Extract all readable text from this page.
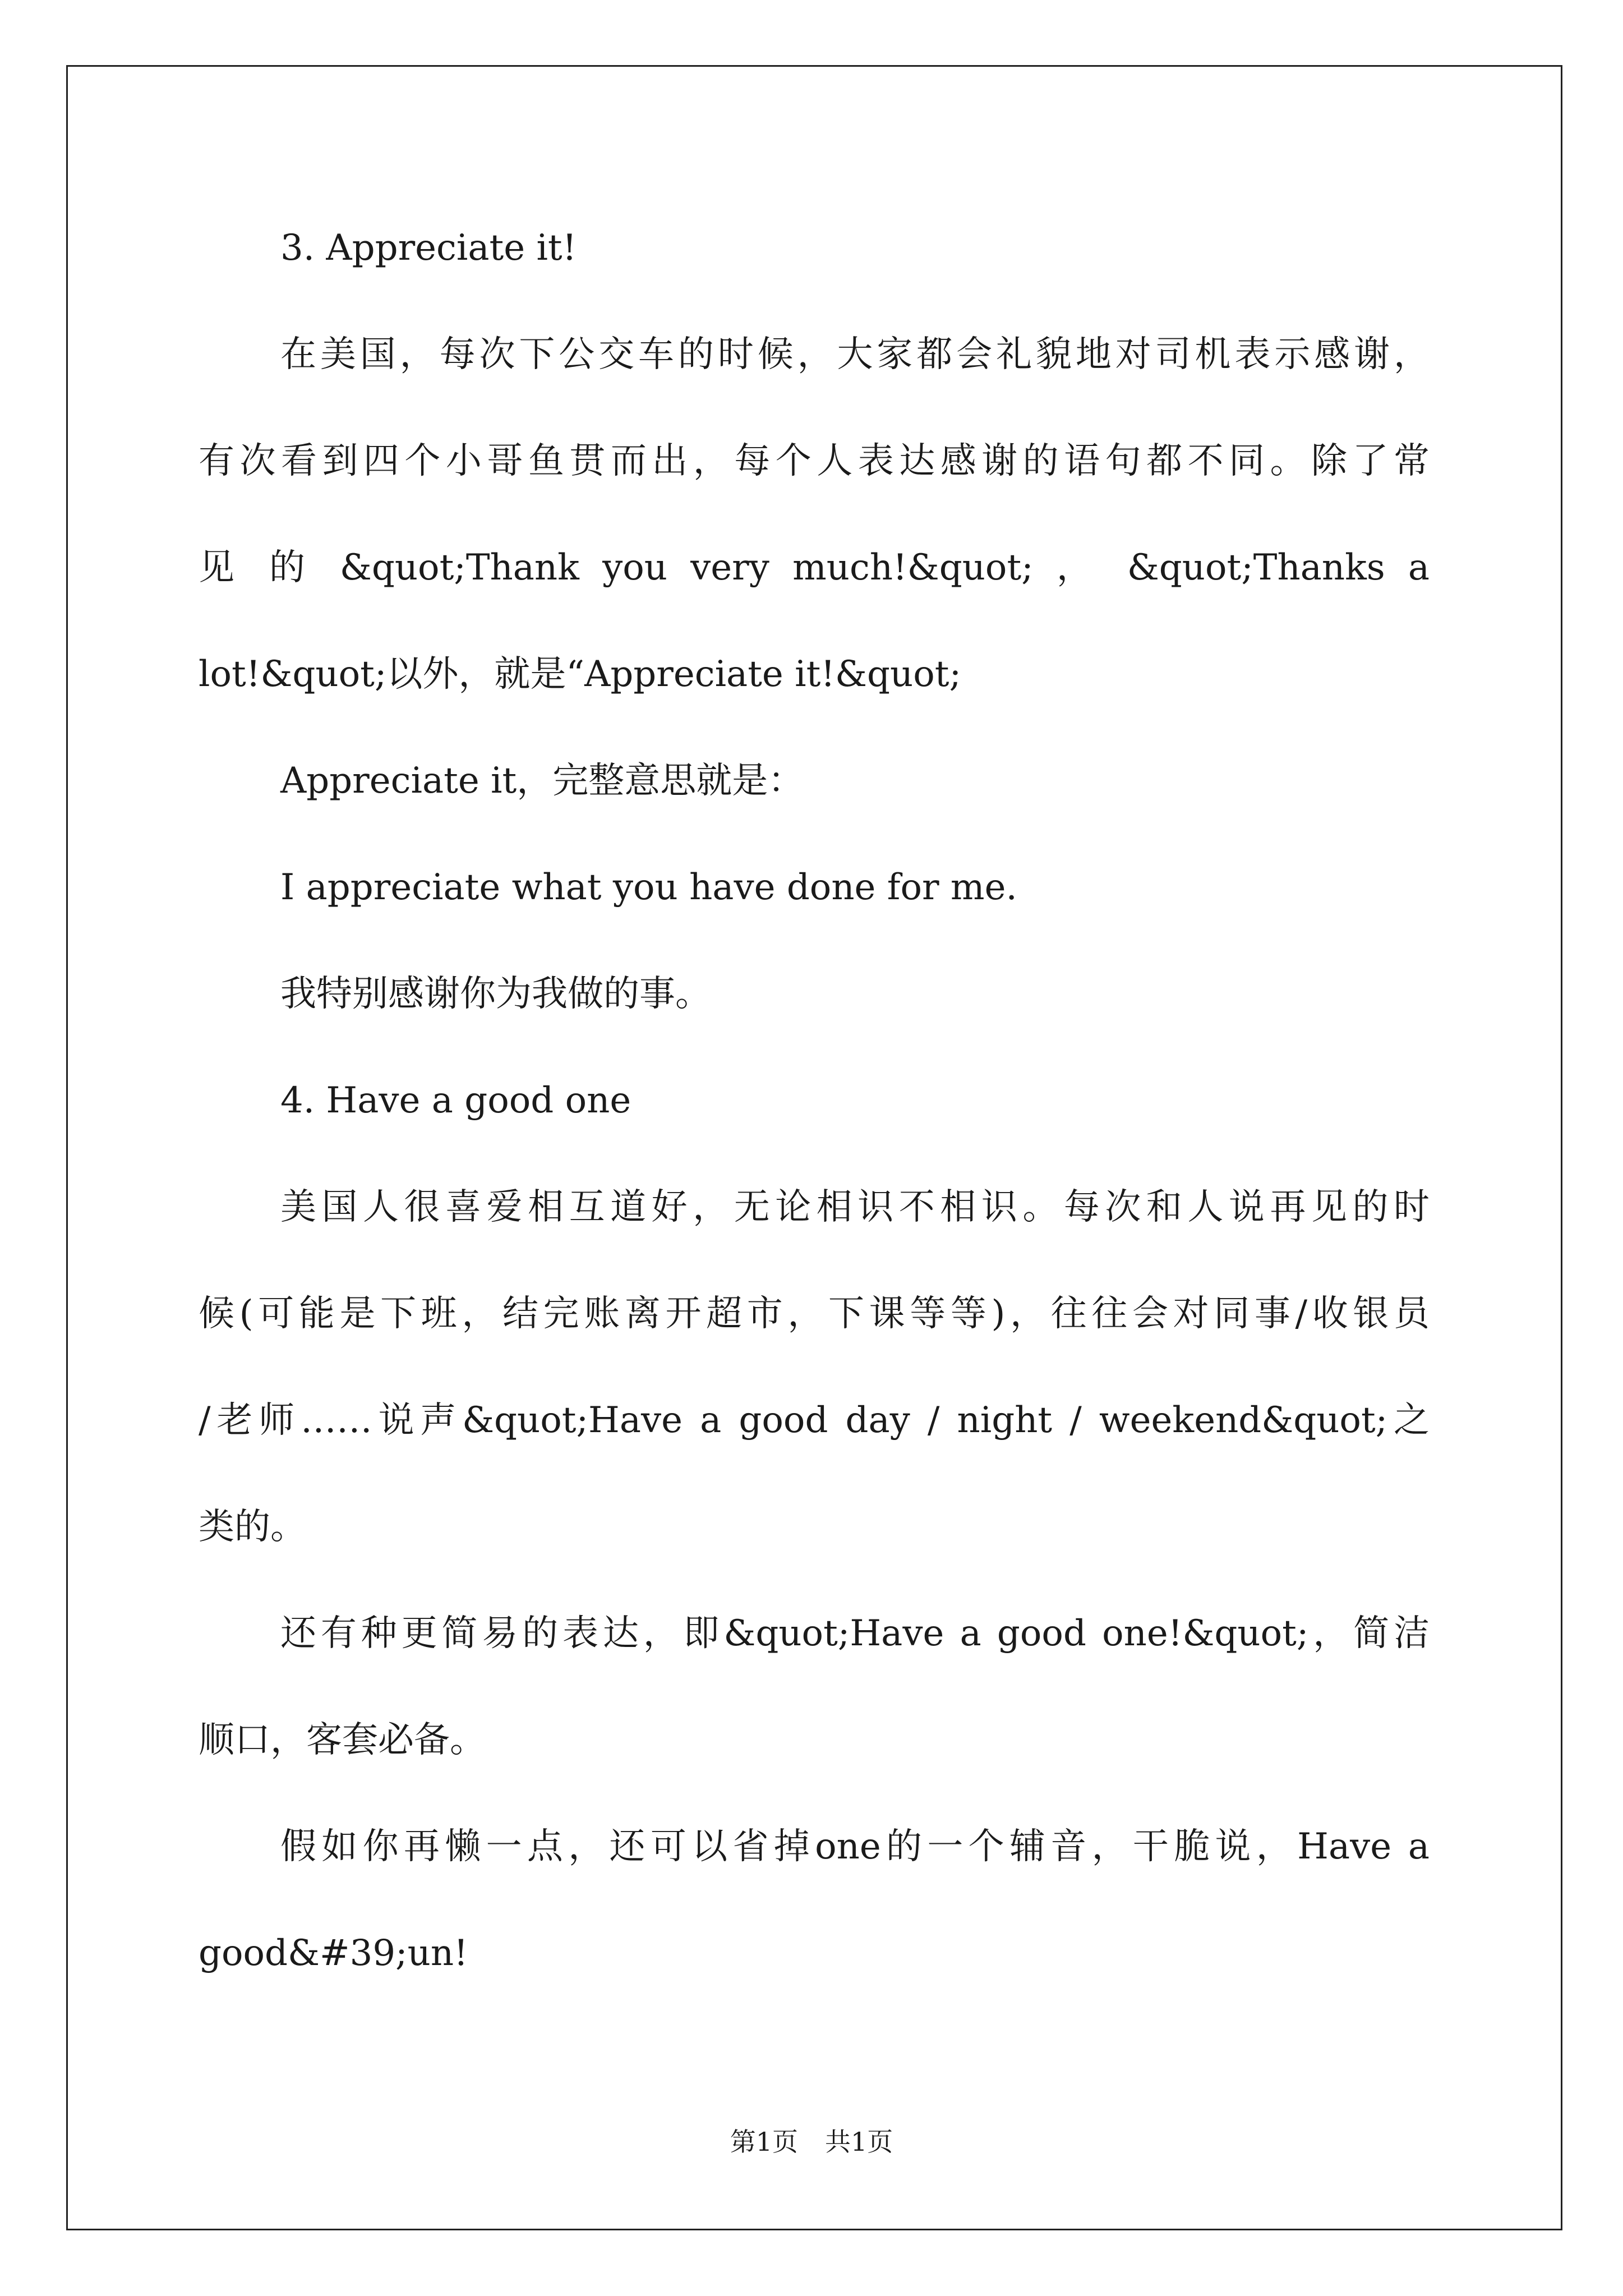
3. Appreciate it!
在美国，每次下公交车的时候，大家都会礼貌地对司机表示感谢，
有次看到四个小哥鱼贯而出，每个人表达感谢的语句都不同。除了常
见 的 &quot;Thank you very much!&quot; ， &quot;Thanks a
lot!&quot;以外，就是“Appreciate it!&quot;
Appreciate it，完整意思就是：
I appreciate what you have done for me.
我特别感谢你为我做的事。
4. Have a good one
美国人很喜爱相互道好，无论相识不相识。每次和人说再见的时
候(可能是下班，结完账离开超市，下课等等)，往往会对同事/收银员
/老师……说声&quot;Have a good day / night / weekend&quot;之
类的。
还有种更简易的表达，即&quot;Have a good one!&quot;，简洁
顺口，客套必备。
假如你再懒一点，还可以省掉one的一个辅音，干脆说，Have a
good&#39;un!
第1页 共1页
